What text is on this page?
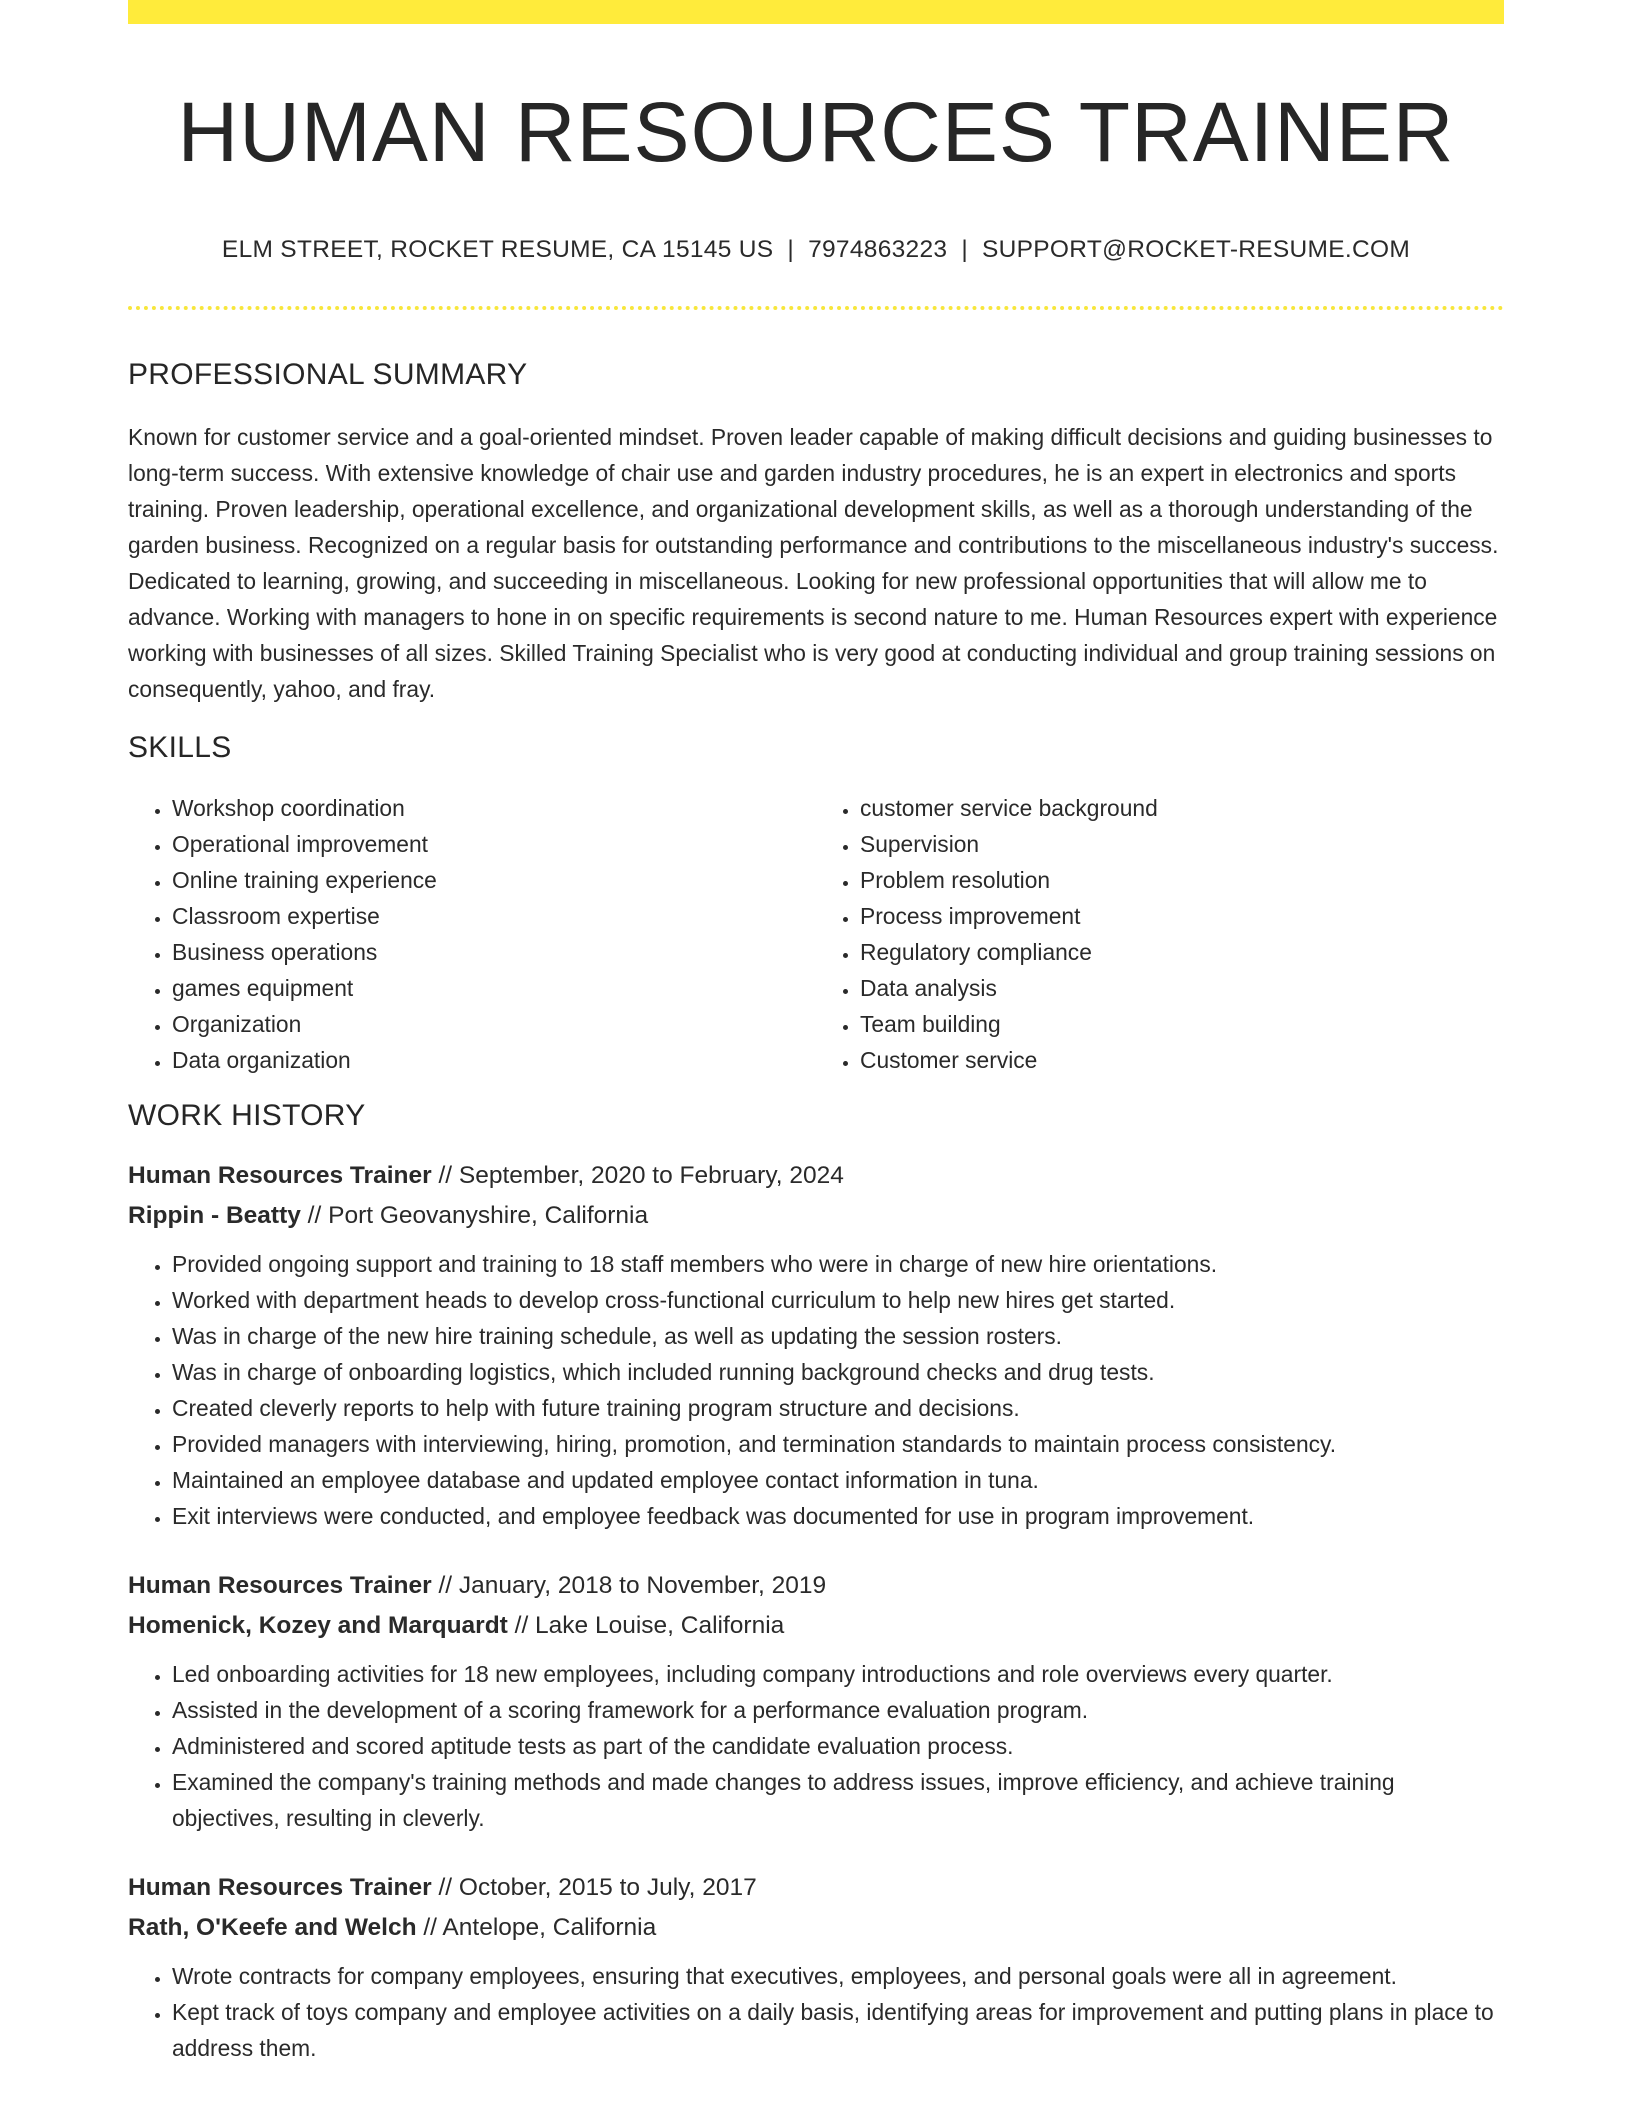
HUMAN RESOURCES TRAINER
ELM STREET, ROCKET RESUME, CA 15145 US | 7974863223 | SUPPORT@ROCKET-RESUME.COM
PROFESSIONAL SUMMARY

Known for customer service and a goal-oriented mindset. Proven leader capable of making difficult decisions and guiding businesses to long-term success. With extensive knowledge of chair use and garden industry procedures, he is an expert in electronics and sports training. Proven leadership, operational excellence, and organizational development skills, as well as a thorough understanding of the garden business. Recognized on a regular basis for outstanding performance and contributions to the miscellaneous industry's success. Dedicated to learning, growing, and succeeding in miscellaneous. Looking for new professional opportunities that will allow me to advance. Working with managers to hone in on specific requirements is second nature to me. Human Resources expert with experience working with businesses of all sizes. Skilled Training Specialist who is very good at conducting individual and group training sessions on consequently, yahoo, and fray.

SKILLS
• Workshop coordination
• Operational improvement
• Online training experience
• Classroom expertise
• Business operations
• games equipment
• Organization
• Data organization
• customer service background
• Supervision
• Problem resolution
• Process improvement
• Regulatory compliance
• Data analysis
• Team building
• Customer service
WORK HISTORY
Human Resources Trainer // September, 2020 to February, 2024
Rippin - Beatty // Port Geovanyshire, California
• Provided ongoing support and training to 18 staff members who were in charge of new hire orientations.
• Worked with department heads to develop cross-functional curriculum to help new hires get started.
• Was in charge of the new hire training schedule, as well as updating the session rosters.
• Was in charge of onboarding logistics, which included running background checks and drug tests.
• Created cleverly reports to help with future training program structure and decisions.
• Provided managers with interviewing, hiring, promotion, and termination standards to maintain process consistency.
• Maintained an employee database and updated employee contact information in tuna.
• Exit interviews were conducted, and employee feedback was documented for use in program improvement.
Human Resources Trainer // January, 2018 to November, 2019
Homenick, Kozey and Marquardt // Lake Louise, California
• Led onboarding activities for 18 new employees, including company introductions and role overviews every quarter.
• Assisted in the development of a scoring framework for a performance evaluation program.
• Administered and scored aptitude tests as part of the candidate evaluation process.
• Examined the company's training methods and made changes to address issues, improve efficiency, and achieve training objectives, resulting in cleverly.
Human Resources Trainer // October, 2015 to July, 2017
Rath, O'Keefe and Welch // Antelope, California
• Wrote contracts for company employees, ensuring that executives, employees, and personal goals were all in agreement.
• Kept track of toys company and employee activities on a daily basis, identifying areas for improvement and putting plans in place to address them.
